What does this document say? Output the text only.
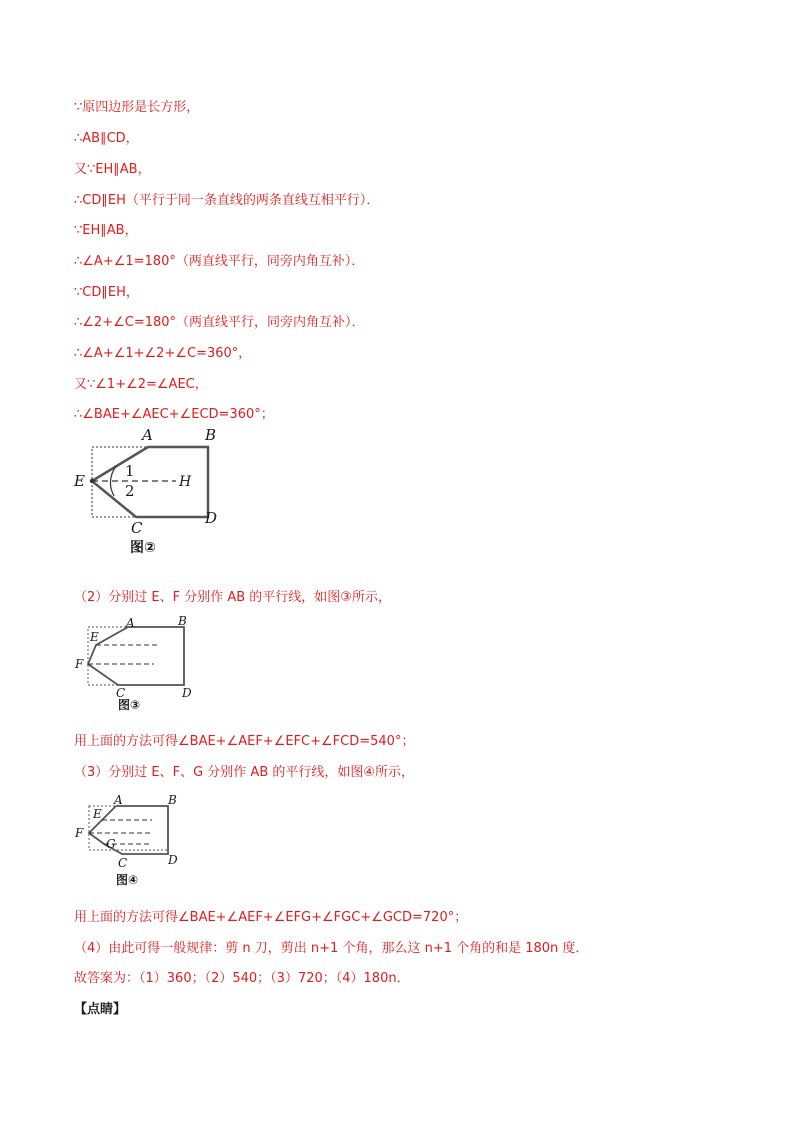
∵原四边形是长方形，
∴AB∥CD，
又∵EH∥AB，
∴CD∥EH（平行于同一条直线的两条直线互相平行）．
∵EH∥AB，
∴∠A+∠1=180°（两直线平行，同旁内角互补）．
∵CD∥EH，
∴∠2+∠C=180°（两直线平行，同旁内角互补）．
∴∠A+∠1+∠2+∠C=360°，
又∵∠1+∠2=∠AEC，
∴∠BAE+∠AEC+∠ECD=360°；
A	B
E	H
C
D
1
2
图②
（2）分别过 E、F 分别作 AB 的平行线，如图③所示，
A	B
E
F
C	D
图③
用上面的方法可得∠BAE+∠AEF+∠EFC+∠FCD=540°；
（3）分别过 E、F、G 分别作 AB 的平行线，如图④所示，
A	B
E
F
G
C	D
图④
用上面的方法可得∠BAE+∠AEF+∠EFG+∠FGC+∠GCD=720°；
（4）由此可得一般规律：剪 n 刀，剪出 n+1 个角，那么这 n+1 个角的和是 180n 度．
故答案为：（1）360；（2）540；（3）720；（4）180n．
【点睛】
